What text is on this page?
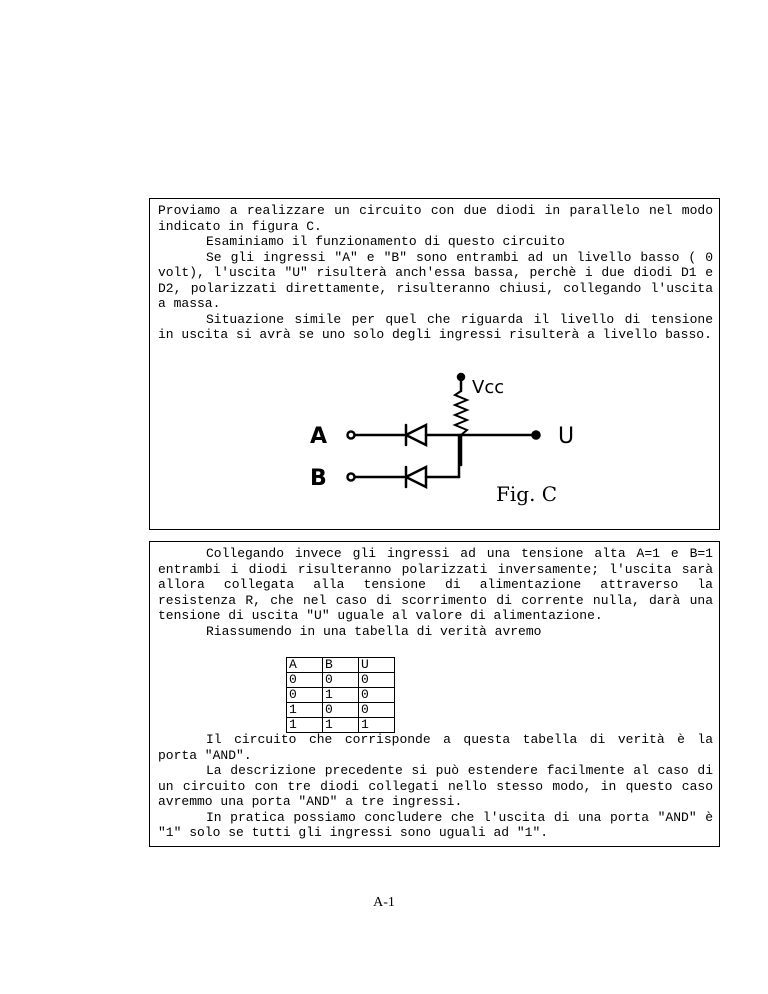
Proviamo a realizzare un circuito con due diodi in parallelo nel modo indicato in figura C.
Esaminiamo il funzionamento di questo circuito
Se gli ingressi "A" e "B" sono entrambi ad un livello basso ( 0 volt), l'uscita "U" risulterà anch'essa bassa, perchè i due diodi D1 e D2, polarizzati direttamente, risulteranno chiusi, collegando l'uscita a massa.
Situazione simile per quel che riguarda il livello di tensione in uscita si avrà se uno solo degli ingressi risulterà a livello basso.
Vcc
A
B
U
Fig. C
Collegando invece gli ingressi ad una tensione alta A=1 e B=1 entrambi i diodi risulteranno polarizzati inversamente; l'uscita sarà allora collegata alla tensione di alimentazione attraverso la resistenza R, che nel caso di scorrimento di corrente nulla, darà una tensione di uscita "U" uguale al valore di alimentazione.
Riassumendo in una tabella di verità avremo
A	B	U
0	0	0
0	1	0
1	0	0
1	1	1
Il circuito che corrisponde a questa tabella di verità è la porta "AND".
La descrizione precedente si può estendere facilmente al caso di un circuito con tre diodi collegati nello stesso modo, in questo caso avremmo una porta "AND" a tre ingressi.
In pratica possiamo concludere che l'uscita di una porta "AND" è "1" solo se tutti gli ingressi sono uguali ad "1".
A-1
